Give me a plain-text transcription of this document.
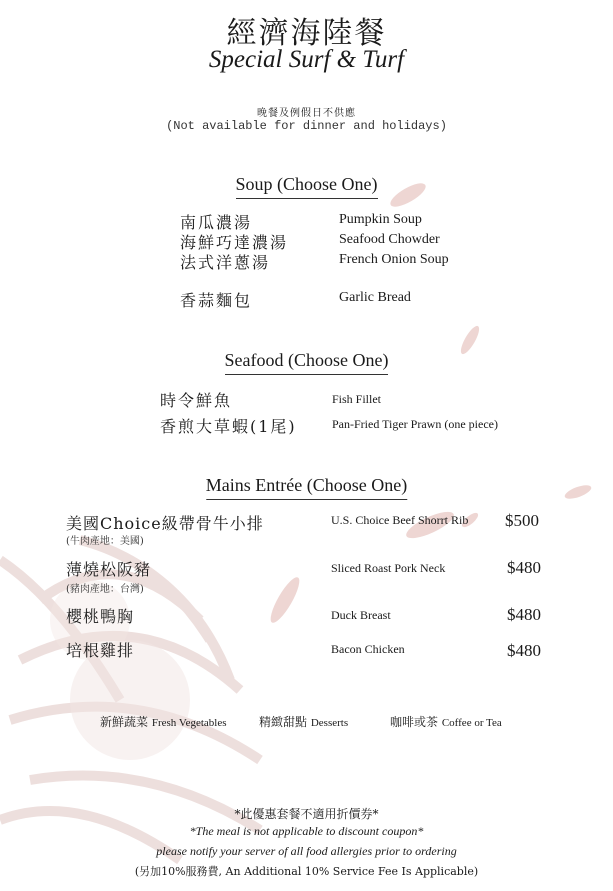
經濟海陸餐
Special Surf & Turf
晚餐及例假日不供應
(Not available for dinner and holidays)
Soup (Choose One)
南瓜濃湯	Pumpkin Soup
海鮮巧達濃湯	Seafood Chowder
法式洋蔥湯	French Onion Soup
香蒜麵包	Garlic Bread
Seafood (Choose One)
時令鮮魚	Fish Fillet
香煎大草蝦(1尾)	Pan-Fried Tiger Prawn (one piece)
Mains Entrée (Choose One)
美國Choice級帶骨牛小排
(牛肉產地：美國)
U.S. Choice Beef Shorrt Rib $500
薄燒松阪豬
(豬肉產地：台灣)
Sliced Roast Pork Neck	$480
櫻桃鴨胸	Duck Breast	$480
培根雞排	Bacon Chicken	$480
新鮮蔬菜 Fresh Vegetables	精緻甜點 Desserts	咖啡或茶 Coffee or Tea
*此優惠套餐不適用折價券*
*The meal is not applicable to discount coupon*
please notify your server of all food allergies prior to ordering
(另加10%服務費, An Additional 10% Service Fee Is Applicable)
